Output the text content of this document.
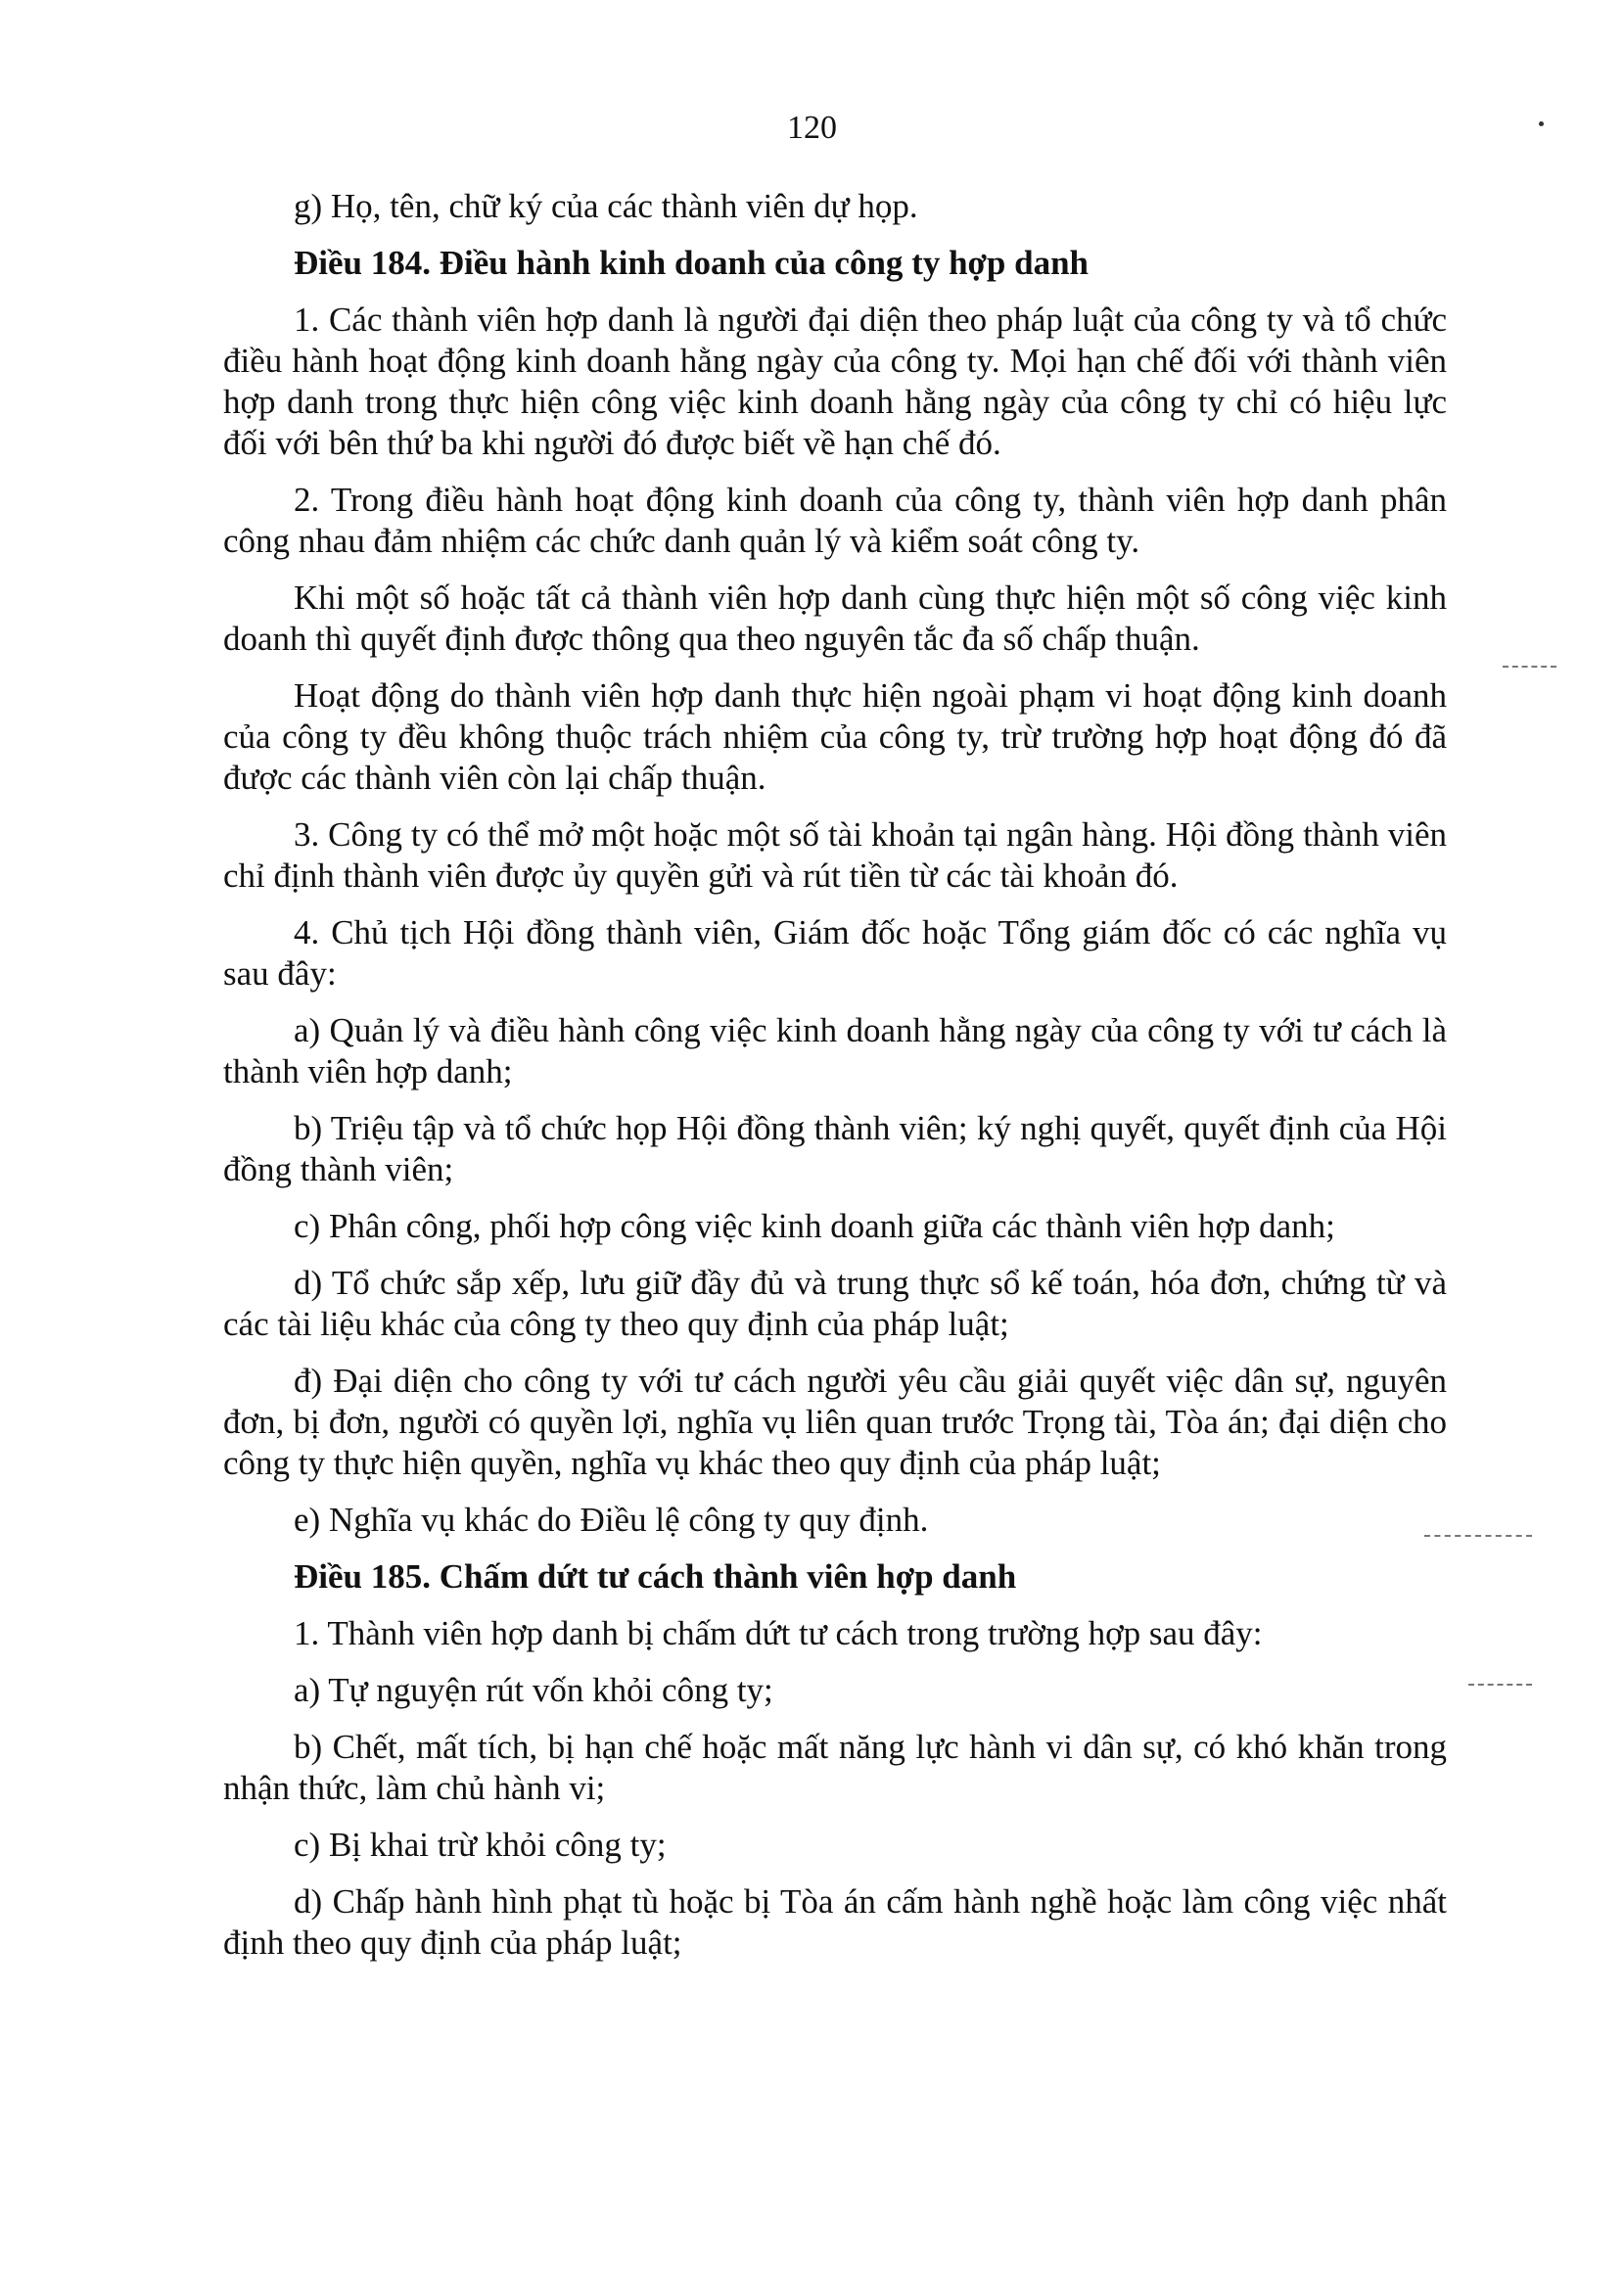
120

g) Họ, tên, chữ ký của các thành viên dự họp.

Điều 184. Điều hành kinh doanh của công ty hợp danh

1. Các thành viên hợp danh là người đại diện theo pháp luật của công ty và tổ chức điều hành hoạt động kinh doanh hằng ngày của công ty. Mọi hạn chế đối với thành viên hợp danh trong thực hiện công việc kinh doanh hằng ngày của công ty chỉ có hiệu lực đối với bên thứ ba khi người đó được biết về hạn chế đó.

2. Trong điều hành hoạt động kinh doanh của công ty, thành viên hợp danh phân công nhau đảm nhiệm các chức danh quản lý và kiểm soát công ty.

Khi một số hoặc tất cả thành viên hợp danh cùng thực hiện một số công việc kinh doanh thì quyết định được thông qua theo nguyên tắc đa số chấp thuận.

Hoạt động do thành viên hợp danh thực hiện ngoài phạm vi hoạt động kinh doanh của công ty đều không thuộc trách nhiệm của công ty, trừ trường hợp hoạt động đó đã được các thành viên còn lại chấp thuận.

3. Công ty có thể mở một hoặc một số tài khoản tại ngân hàng. Hội đồng thành viên chỉ định thành viên được ủy quyền gửi và rút tiền từ các tài khoản đó.

4. Chủ tịch Hội đồng thành viên, Giám đốc hoặc Tổng giám đốc có các nghĩa vụ sau đây:

a) Quản lý và điều hành công việc kinh doanh hằng ngày của công ty với tư cách là thành viên hợp danh;

b) Triệu tập và tổ chức họp Hội đồng thành viên; ký nghị quyết, quyết định của Hội đồng thành viên;

c) Phân công, phối hợp công việc kinh doanh giữa các thành viên hợp danh;

d) Tổ chức sắp xếp, lưu giữ đầy đủ và trung thực sổ kế toán, hóa đơn, chứng từ và các tài liệu khác của công ty theo quy định của pháp luật;

đ) Đại diện cho công ty với tư cách người yêu cầu giải quyết việc dân sự, nguyên đơn, bị đơn, người có quyền lợi, nghĩa vụ liên quan trước Trọng tài, Tòa án; đại diện cho công ty thực hiện quyền, nghĩa vụ khác theo quy định của pháp luật;

e) Nghĩa vụ khác do Điều lệ công ty quy định.

Điều 185. Chấm dứt tư cách thành viên hợp danh

1. Thành viên hợp danh bị chấm dứt tư cách trong trường hợp sau đây:

a) Tự nguyện rút vốn khỏi công ty;

b) Chết, mất tích, bị hạn chế hoặc mất năng lực hành vi dân sự, có khó khăn trong nhận thức, làm chủ hành vi;

c) Bị khai trừ khỏi công ty;

d) Chấp hành hình phạt tù hoặc bị Tòa án cấm hành nghề hoặc làm công việc nhất định theo quy định của pháp luật;
